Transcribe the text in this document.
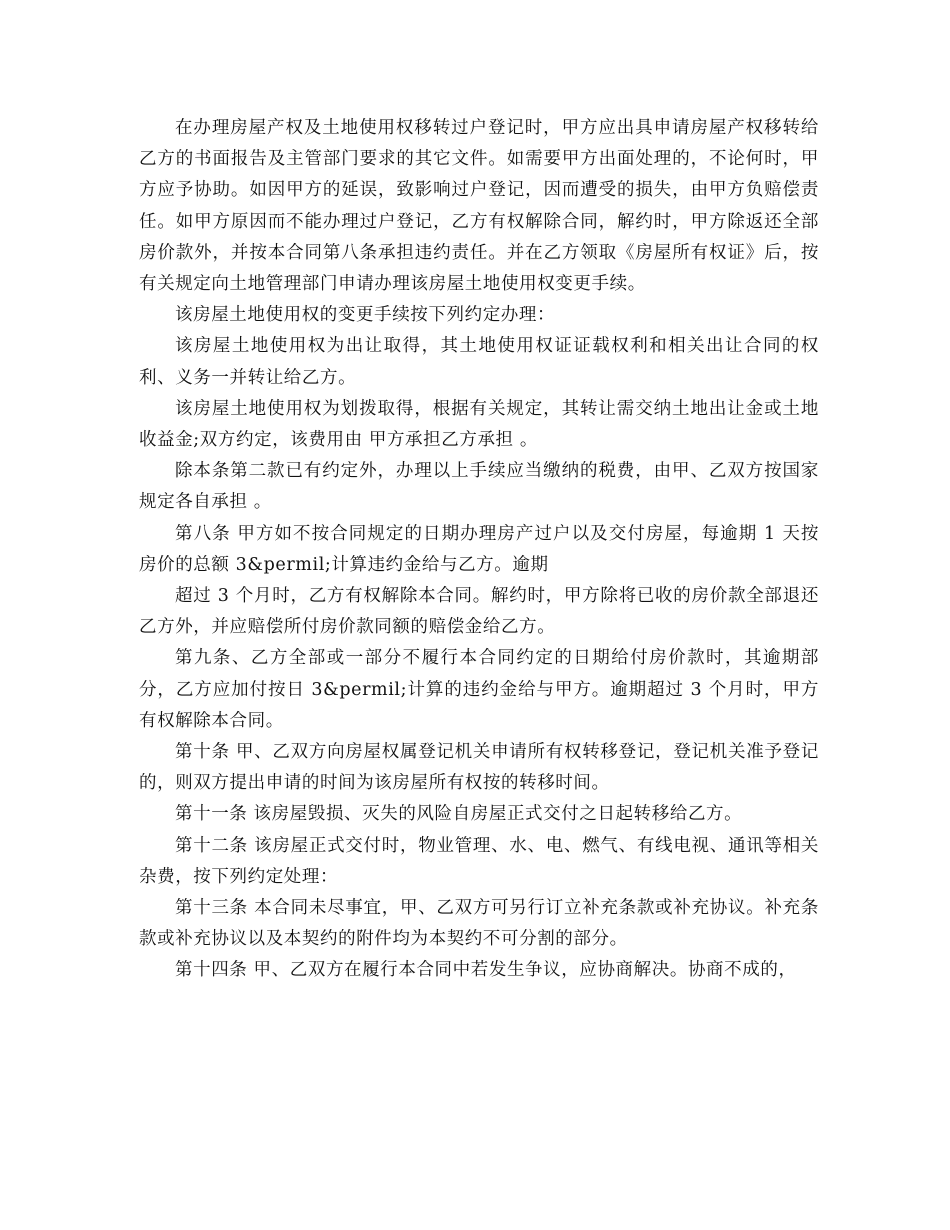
在办理房屋产权及土地使用权移转过户登记时，甲方应出具申请房屋产权移转给乙方的书面报告及主管部门要求的其它文件。如需要甲方出面处理的，不论何时，甲方应予协助。如因甲方的延误，致影响过户登记，因而遭受的损失，由甲方负赔偿责任。如甲方原因而不能办理过户登记，乙方有权解除合同，解约时，甲方除返还全部房价款外，并按本合同第八条承担违约责任。并在乙方领取《房屋所有权证》后，按有关规定向土地管理部门申请办理该房屋土地使用权变更手续。

该房屋土地使用权的变更手续按下列约定办理：

该房屋土地使用权为出让取得，其土地使用权证证载权利和相关出让合同的权利、义务一并转让给乙方。

该房屋土地使用权为划拨取得，根据有关规定，其转让需交纳土地出让金或土地收益金;双方约定，该费用由 甲方承担乙方承担 。

除本条第二款已有约定外，办理以上手续应当缴纳的税费，由甲、乙双方按国家规定各自承担 。

第八条 甲方如不按合同规定的日期办理房产过户以及交付房屋，每逾期 1 天按房价的总额 3&permil;计算违约金给与乙方。逾期

超过 3 个月时，乙方有权解除本合同。解约时，甲方除将已收的房价款全部退还乙方外，并应赔偿所付房价款同额的赔偿金给乙方。

第九条、乙方全部或一部分不履行本合同约定的日期给付房价款时，其逾期部分，乙方应加付按日 3&permil;计算的违约金给与甲方。逾期超过 3 个月时，甲方有权解除本合同。

第十条 甲、乙双方向房屋权属登记机关申请所有权转移登记，登记机关准予登记的，则双方提出申请的时间为该房屋所有权按的转移时间。

第十一条 该房屋毁损、灭失的风险自房屋正式交付之日起转移给乙方。

第十二条 该房屋正式交付时，物业管理、水、电、燃气、有线电视、通讯等相关杂费，按下列约定处理：

第十三条 本合同未尽事宜，甲、乙双方可另行订立补充条款或补充协议。补充条款或补充协议以及本契约的附件均为本契约不可分割的部分。

第十四条 甲、乙双方在履行本合同中若发生争议，应协商解决。协商不成的，
